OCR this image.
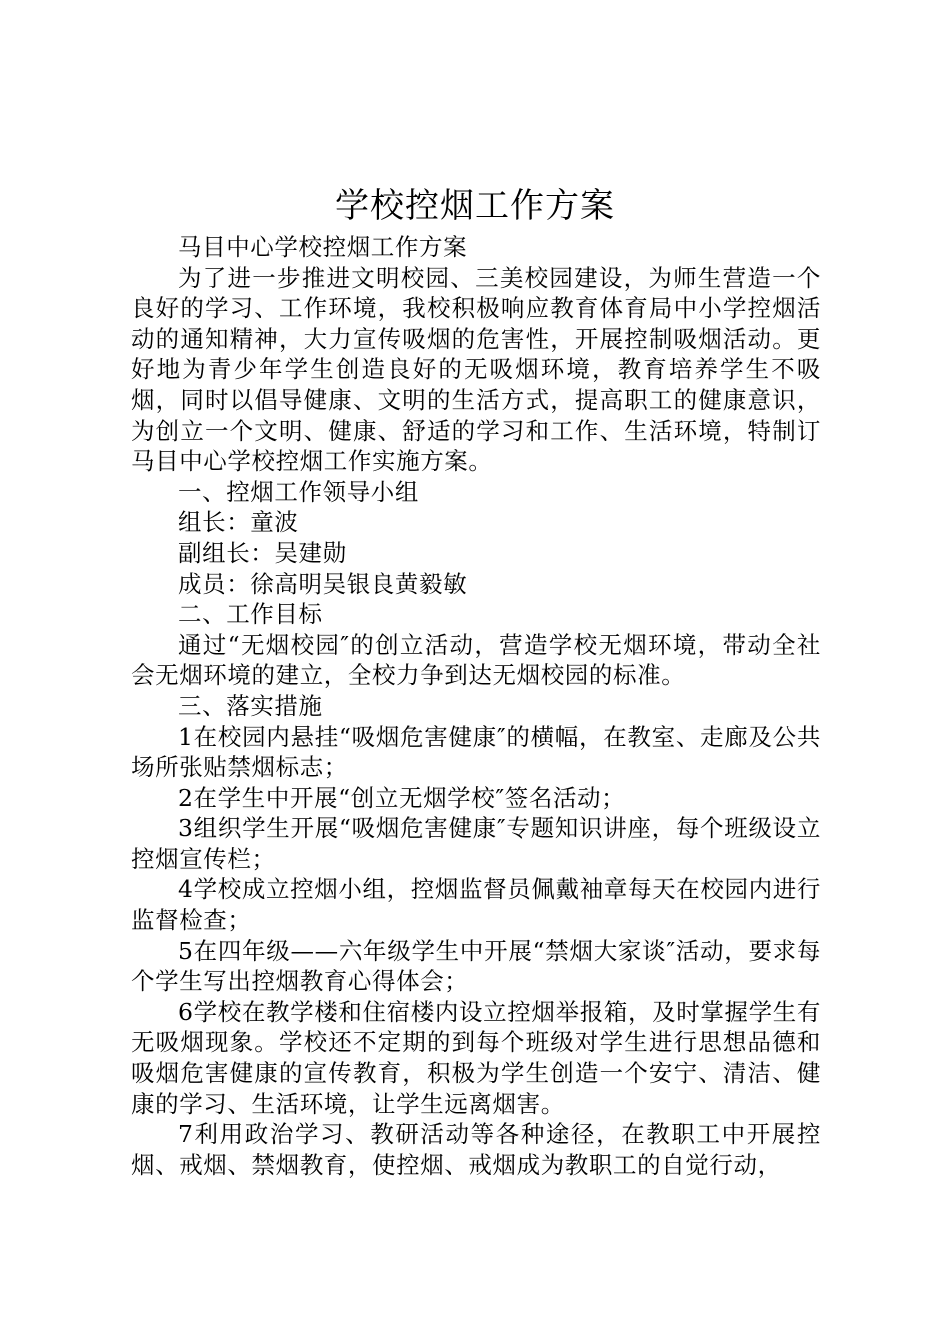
学校控烟工作方案

马目中心学校控烟工作方案

为了进一步推进文明校园、三美校园建设，为师生营造一个良好的学习、工作环境，我校积极响应教育体育局中小学控烟活动的通知精神，大力宣传吸烟的危害性，开展控制吸烟活动。更好地为青少年学生创造良好的无吸烟环境，教育培养学生不吸烟，同时以倡导健康、文明的生活方式，提高职工的健康意识，为创立一个文明、健康、舒适的学习和工作、生活环境，特制订马目中心学校控烟工作实施方案。

一、控烟工作领导小组

组长：童波

副组长：吴建勋

成员：徐高明吴银良黄毅敏

二、工作目标

通过“无烟校园″的创立活动，营造学校无烟环境，带动全社会无烟环境的建立，全校力争到达无烟校园的标准。

三、落实措施

1在校园内悬挂“吸烟危害健康″的横幅，在教室、走廊及公共场所张贴禁烟标志；

2在学生中开展“创立无烟学校″签名活动；

3组织学生开展“吸烟危害健康″专题知识讲座，每个班级设立控烟宣传栏；

4学校成立控烟小组，控烟监督员佩戴袖章每天在校园内进行监督检查；

5在四年级——六年级学生中开展“禁烟大家谈″活动，要求每个学生写出控烟教育心得体会；

6学校在教学楼和住宿楼内设立控烟举报箱，及时掌握学生有无吸烟现象。学校还不定期的到每个班级对学生进行思想品德和吸烟危害健康的宣传教育，积极为学生创造一个安宁、清洁、健康的学习、生活环境，让学生远离烟害。

7利用政治学习、教研活动等各种途径，在教职工中开展控烟、戒烟、禁烟教育，使控烟、戒烟成为教职工的自觉行动，
